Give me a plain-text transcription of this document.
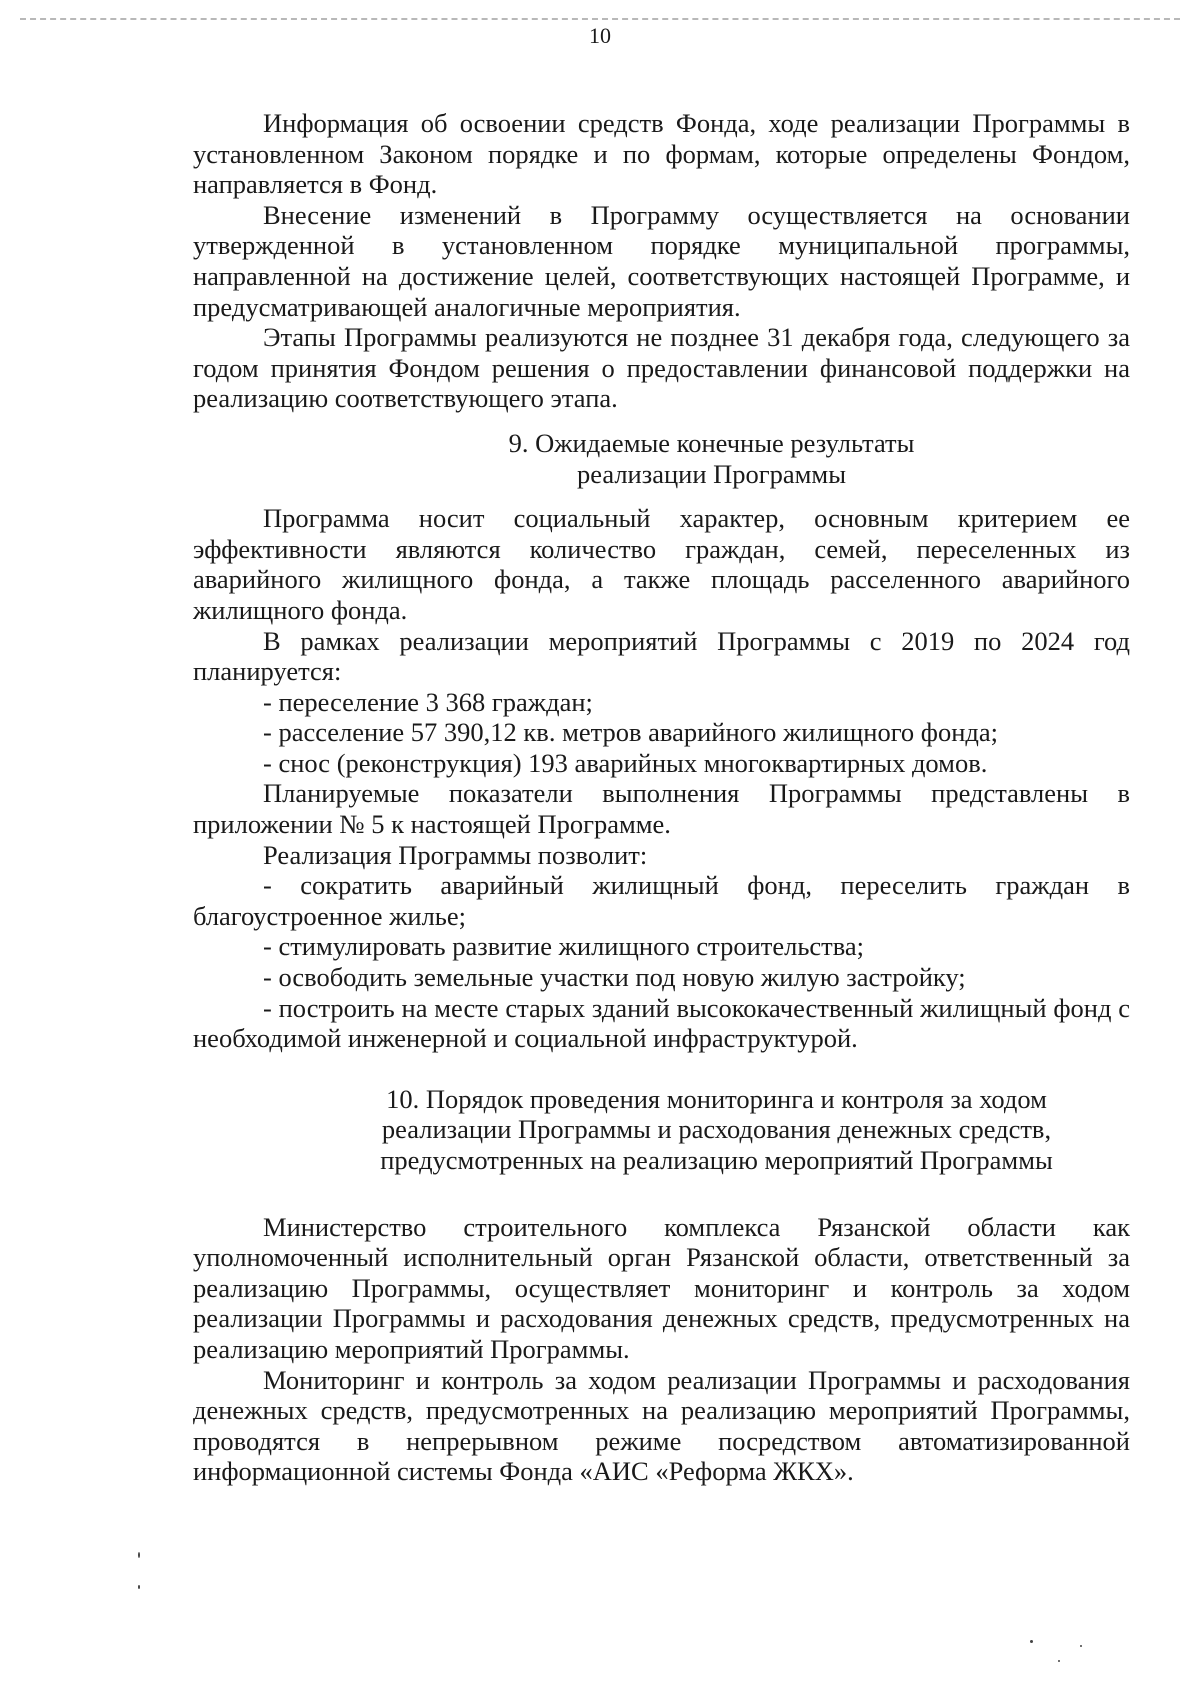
10

Информация об освоении средств Фонда, ходе реализации Программы в установленном Законом порядке и по формам, которые определены Фондом, направляется в Фонд.

Внесение изменений в Программу осуществляется на основании утвержденной в установленном порядке муниципальной программы, направленной на достижение целей, соответствующих настоящей Программе, и предусматривающей аналогичные мероприятия.

Этапы Программы реализуются не позднее 31 декабря года, следующего за годом принятия Фондом решения о предоставлении финансовой поддержки на реализацию соответствующего этапа.

9. Ожидаемые конечные результаты
реализации Программы

Программа носит социальный характер, основным критерием ее эффективности являются количество граждан, семей, переселенных из аварийного жилищного фонда, а также площадь расселенного аварийного жилищного фонда.

В рамках реализации мероприятий Программы с 2019 по 2024 год планируется:

- переселение 3 368 граждан;

- расселение 57 390,12 кв. метров аварийного жилищного фонда;

- снос (реконструкция) 193 аварийных многоквартирных домов.

Планируемые показатели выполнения Программы представлены в приложении № 5 к настоящей Программе.

Реализация Программы позволит:

- сократить аварийный жилищный фонд, переселить граждан в благоустроенное жилье;

- стимулировать развитие жилищного строительства;

- освободить земельные участки под новую жилую застройку;

- построить на месте старых зданий высококачественный жилищный фонд с необходимой инженерной и социальной инфраструктурой.

10. Порядок проведения мониторинга и контроля за ходом
реализации Программы и расходования денежных средств,
предусмотренных на реализацию мероприятий Программы

Министерство строительного комплекса Рязанской области как уполномоченный исполнительный орган Рязанской области, ответственный за реализацию Программы, осуществляет мониторинг и контроль за ходом реализации Программы и расходования денежных средств, предусмотренных на реализацию мероприятий Программы.

Мониторинг и контроль за ходом реализации Программы и расходования денежных средств, предусмотренных на реализацию мероприятий Программы, проводятся в непрерывном режиме посредством автоматизированной информационной системы Фонда «АИС «Реформа ЖКХ».
